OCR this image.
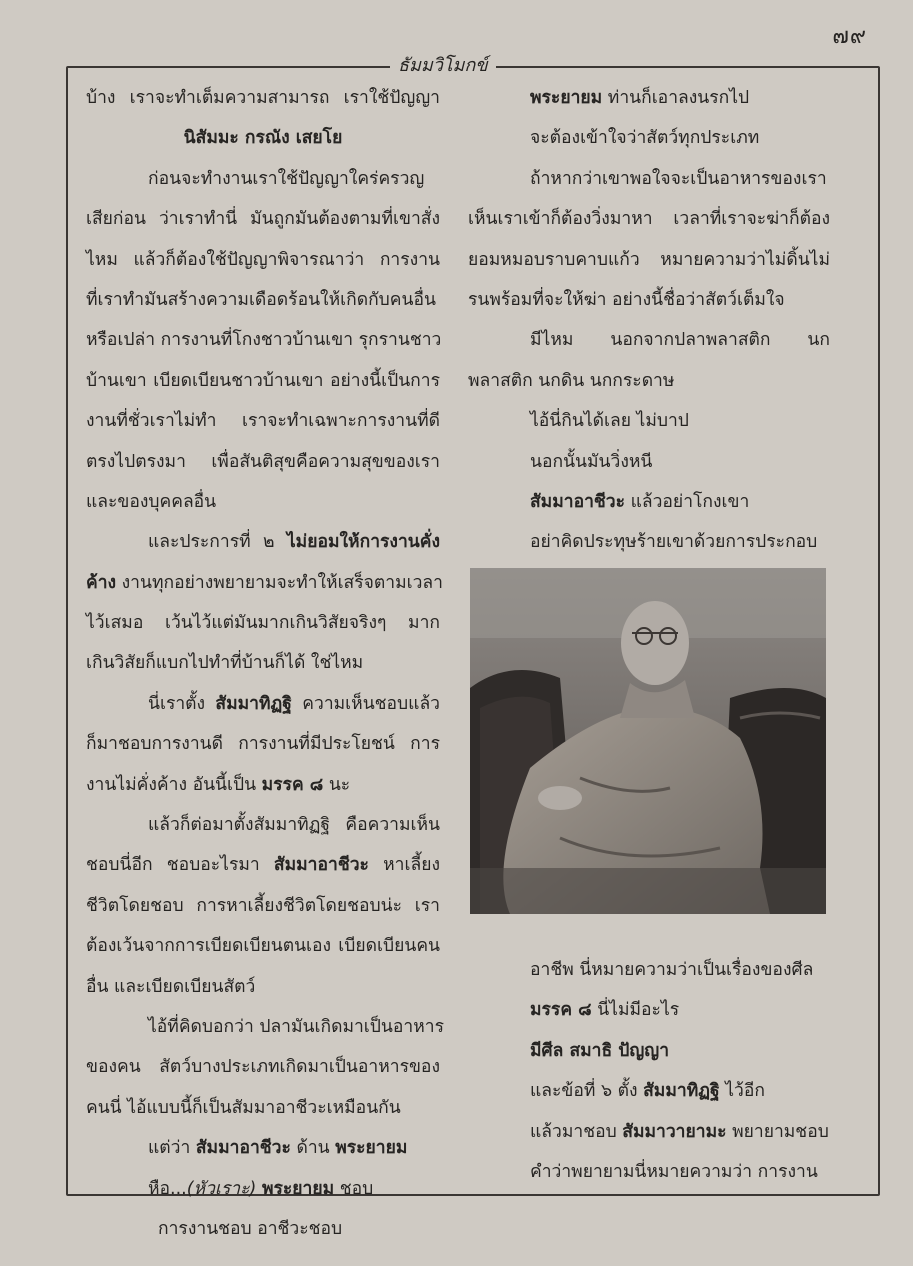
๗๙
ธัมมวิโมกข์
บ้าง เราจะทำเต็มความสามารถ เราใช้ปัญญา
นิสัมมะ กรณัง เสยโย
ก่อนจะทำงานเราใช้ปัญญาใคร่ครวญ
เสียก่อน ว่าเราทำนี่ มันถูกมันต้องตามที่เขาสั่ง
ไหม แล้วก็ต้องใช้ปัญญาพิจารณาว่า การงาน
ที่เราทำมันสร้างความเดือดร้อนให้เกิดกับคนอื่น
หรือเปล่า การงานที่โกงชาวบ้านเขา รุกรานชาว
บ้านเขา เบียดเบียนชาวบ้านเขา อย่างนี้เป็นการ
งานที่ชั่วเราไม่ทำ เราจะทำเฉพาะการงานที่ดี
ตรงไปตรงมา เพื่อสันติสุขคือความสุขของเรา
และของบุคคลอื่น
และประการที่ ๒ ไม่ยอมให้การงานคั่ง
ค้าง งานทุกอย่างพยายามจะทำให้เสร็จตามเวลา
ไว้เสมอ เว้นไว้แต่มันมากเกินวิสัยจริงๆ มาก
เกินวิสัยก็แบกไปทำที่บ้านก็ได้ ใช่ไหม
นี่เราตั้ง สัมมาทิฏฐิ ความเห็นชอบแล้ว
ก็มาชอบการงานดี การงานที่มีประโยชน์ การ
งานไม่คั่งค้าง อันนี้เป็น มรรค ๘ นะ
แล้วก็ต่อมาตั้งสัมมาทิฏฐิ คือความเห็น
ชอบนี่อีก ชอบอะไรมา สัมมาอาชีวะ หาเลี้ยง
ชีวิตโดยชอบ การหาเลี้ยงชีวิตโดยชอบน่ะ เรา
ต้องเว้นจากการเบียดเบียนตนเอง เบียดเบียนคน
อื่น และเบียดเบียนสัตว์
ไอ้ที่คิดบอกว่า ปลามันเกิดมาเป็นอาหาร
ของคน สัตว์บางประเภทเกิดมาเป็นอาหารของ
คนนี่ ไอ้แบบนี้ก็เป็นสัมมาอาชีวะเหมือนกัน
แต่ว่า สัมมาอาชีวะ ด้าน พระยายม
หือ...(หัวเราะ) พระยายม ชอบ
การงานชอบ อาชีวะชอบ
พระยายม ท่านก็เอาลงนรกไป
จะต้องเข้าใจว่าสัตว์ทุกประเภท
ถ้าหากว่าเขาพอใจจะเป็นอาหารของเรา
เห็นเราเข้าก็ต้องวิ่งมาหา เวลาที่เราจะฆ่าก็ต้อง
ยอมหมอบราบคาบแก้ว หมายความว่าไม่ดิ้นไม่
รนพร้อมที่จะให้ฆ่า อย่างนี้ชื่อว่าสัตว์เต็มใจ
มีไหม นอกจากปลาพลาสติก นก
พลาสติก นกดิน นกกระดาษ
ไอ้นี่กินได้เลย ไม่บาป
นอกนั้นมันวิ่งหนี
สัมมาอาชีวะ แล้วอย่าโกงเขา
อย่าคิดประทุษร้ายเขาด้วยการประกอบ
อาชีพ นี่หมายความว่าเป็นเรื่องของศีล
มรรค ๘ นี่ไม่มีอะไร
มีศีล สมาธิ ปัญญา
และข้อที่ ๖ ตั้ง สัมมาทิฏฐิ ไว้อีก
แล้วมาชอบ สัมมาวายามะ พยายามชอบ
คำว่าพยายามนี่หมายความว่า การงาน
